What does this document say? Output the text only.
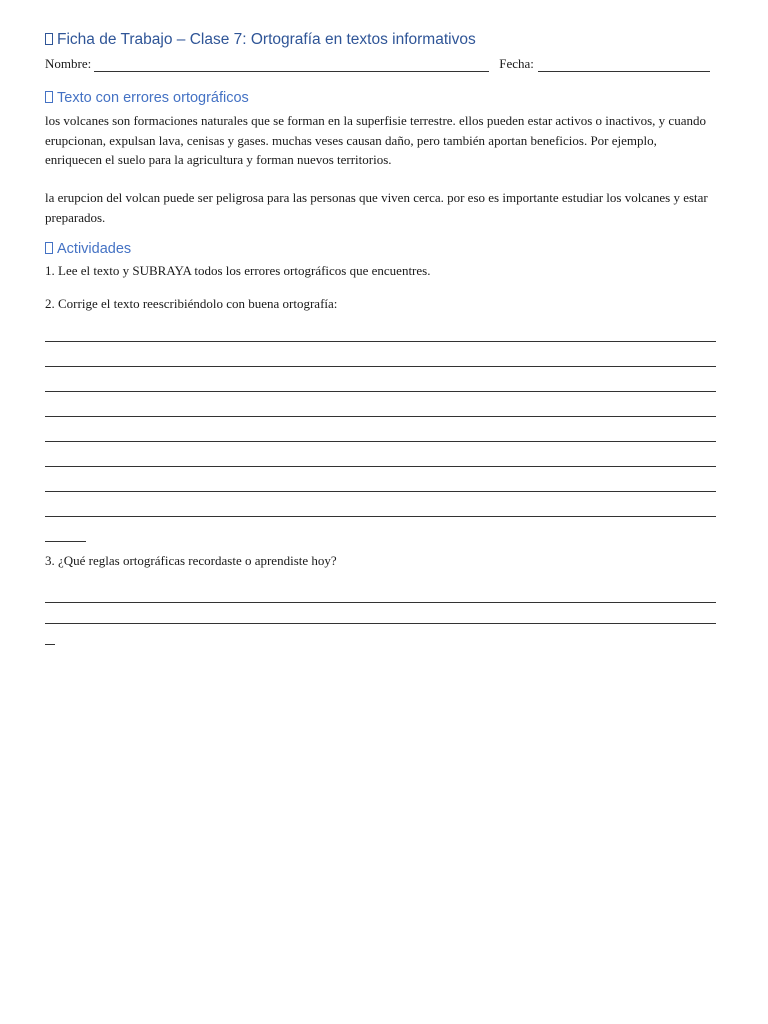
Ficha de Trabajo – Clase 7: Ortografía en textos informativos
Nombre:	Fecha:
Texto con errores ortográficos
los volcanes son formaciones naturales que se forman en la superfisie terrestre. ellos pueden estar activos o inactivos, y cuando erupcionan, expulsan lava, cenisas y gases. muchas veses causan daño, pero también aportan beneficios. Por ejemplo, enriquecen el suelo para la agricultura y forman nuevos territorios.
la erupcion del volcan puede ser peligrosa para las personas que viven cerca. por eso es importante estudiar los volcanes y estar preparados.
Actividades
1. Lee el texto y SUBRAYA todos los errores ortográficos que encuentres.
2. Corrige el texto reescribiéndolo con buena ortografía:
3. ¿Qué reglas ortográficas recordaste o aprendiste hoy?
